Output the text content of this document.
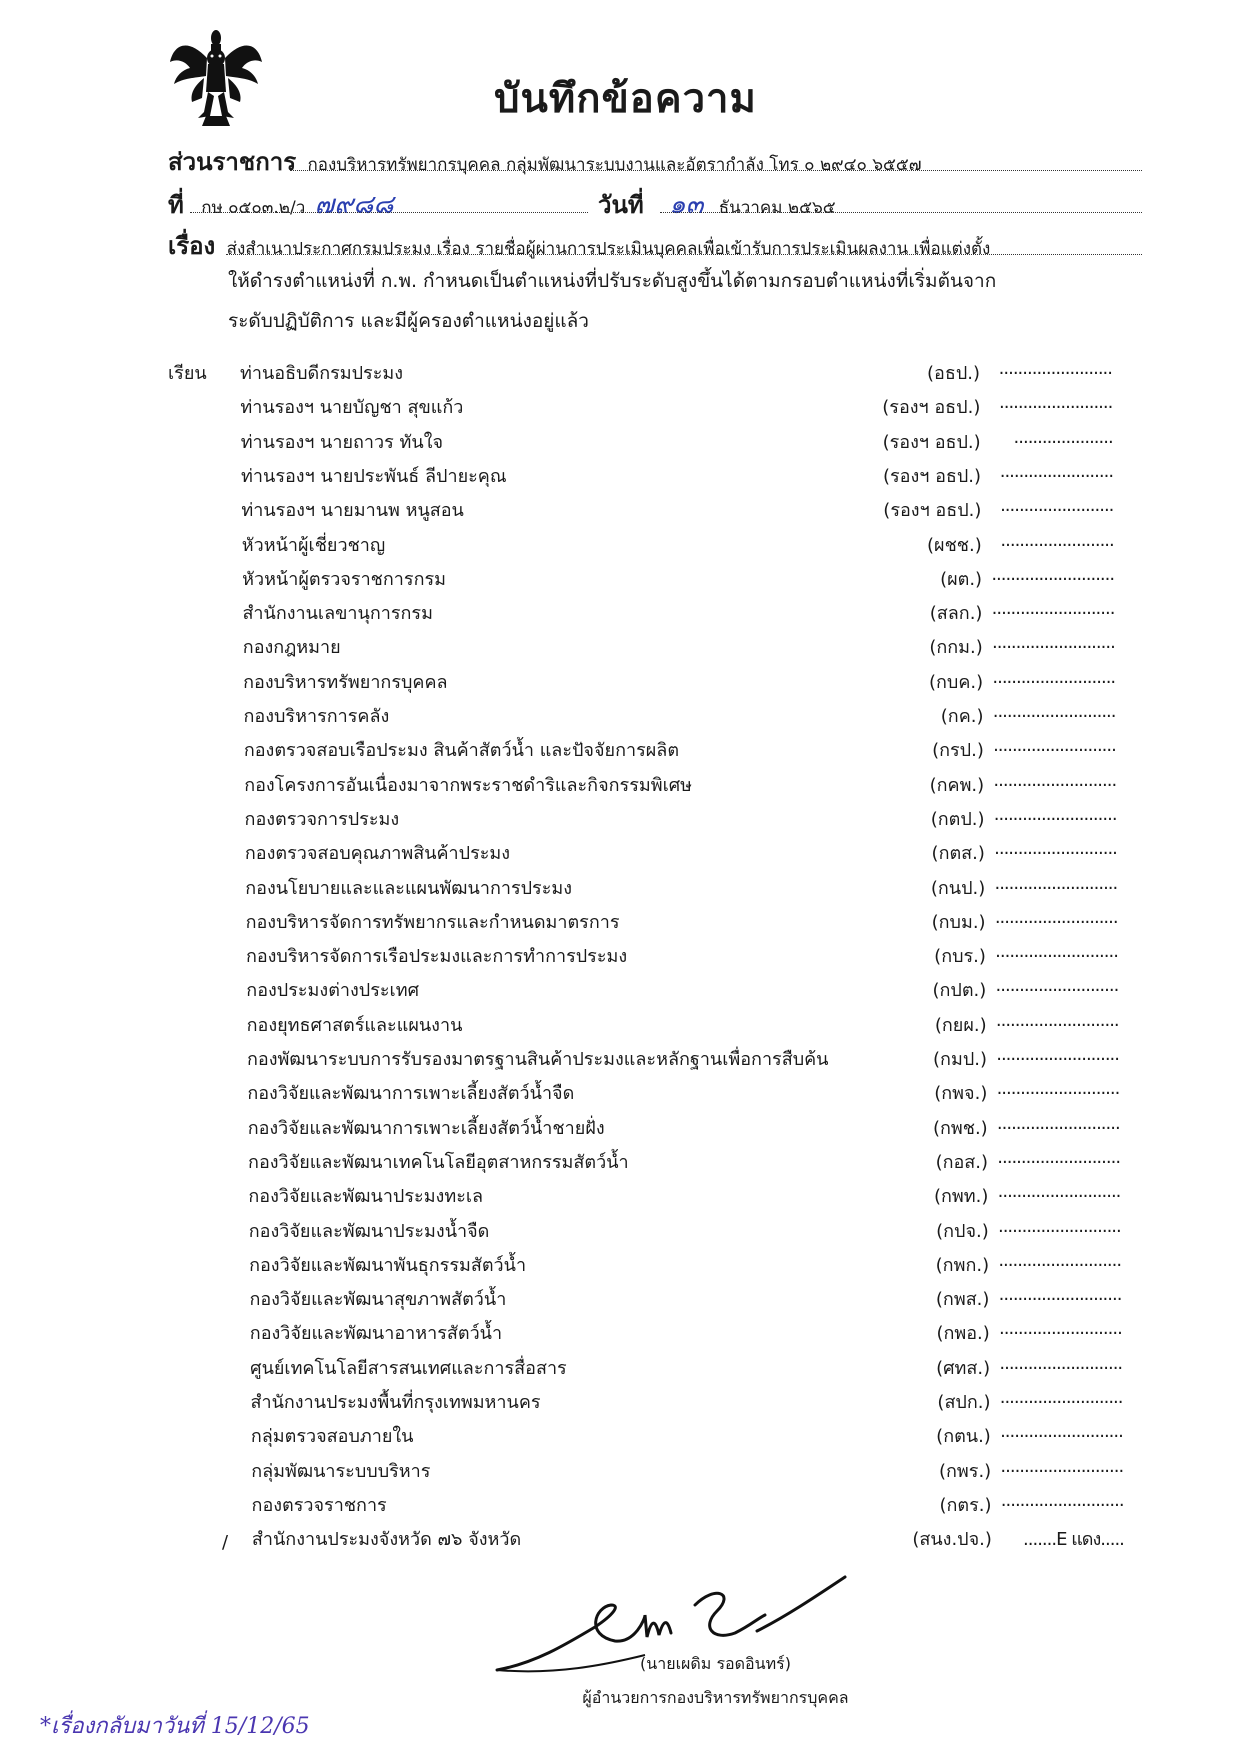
บันทึกข้อความ
ส่วนราชการ กองบริหารทรัพยากรบุคคล กลุ่มพัฒนาระบบงานและอัตรากำลัง โทร ๐ ๒๙๔๐ ๖๕๕๗
ที่ กษ ๐๕๐๓.๒/ว ๗๙๘๘	วันที่ ๑๓ ธันวาคม ๒๕๖๕
เรื่อง ส่งสำเนาประกาศกรมประมง เรื่อง รายชื่อผู้ผ่านการประเมินบุคคลเพื่อเข้ารับการประเมินผลงาน เพื่อแต่งตั้ง
ให้ดำรงตำแหน่งที่ ก.พ. กำหนดเป็นตำแหน่งที่ปรับระดับสูงขึ้นได้ตามกรอบตำแหน่งที่เริ่มต้นจาก
ระดับปฏิบัติการ และมีผู้ครองตำแหน่งอยู่แล้ว
เรียน ท่านอธิบดีกรมประมง	(อธป.) ........................
ท่านรองฯ นายบัญชา สุขแก้ว	(รองฯ อธป.) ........................
ท่านรองฯ นายถาวร ทันใจ	(รองฯ อธป.) .....................
ท่านรองฯ นายประพันธ์ ลีปายะคุณ	(รองฯ อธป.) ........................
ท่านรองฯ นายมานพ หนูสอน	(รองฯ อธป.) ........................
หัวหน้าผู้เชี่ยวชาญ	(ผชช.) ........................
หัวหน้าผู้ตรวจราชการกรม	(ผต.) ..........................
สำนักงานเลขานุการกรม	(สลก.) ..........................
กองกฎหมาย	(กกม.) ..........................
กองบริหารทรัพยากรบุคคล	(กบค.) ..........................
กองบริหารการคลัง	(กค.) ..........................
กองตรวจสอบเรือประมง สินค้าสัตว์น้ำ และปัจจัยการผลิต	(กรป.) ..........................
กองโครงการอันเนื่องมาจากพระราชดำริและกิจกรรมพิเศษ	(กคพ.) ..........................
กองตรวจการประมง	(กตป.) ..........................
กองตรวจสอบคุณภาพสินค้าประมง	(กตส.) ..........................
กองนโยบายและและแผนพัฒนาการประมง	(กนป.) ..........................
กองบริหารจัดการทรัพยากรและกำหนดมาตรการ	(กบม.) ..........................
กองบริหารจัดการเรือประมงและการทำการประมง	(กบร.) ..........................
กองประมงต่างประเทศ	(กปต.) ..........................
กองยุทธศาสตร์และแผนงาน	(กยผ.) ..........................
กองพัฒนาระบบการรับรองมาตรฐานสินค้าประมงและหลักฐานเพื่อการสืบค้น	(กมป.) ..........................
กองวิจัยและพัฒนาการเพาะเลี้ยงสัตว์น้ำจืด	(กพจ.) ..........................
กองวิจัยและพัฒนาการเพาะเลี้ยงสัตว์น้ำชายฝั่ง	(กพช.) ..........................
กองวิจัยและพัฒนาเทคโนโลยีอุตสาหกรรมสัตว์น้ำ	(กอส.) ..........................
กองวิจัยและพัฒนาประมงทะเล	(กพท.) ..........................
กองวิจัยและพัฒนาประมงน้ำจืด	(กปจ.) ..........................
กองวิจัยและพัฒนาพันธุกรรมสัตว์น้ำ	(กพก.) ..........................
กองวิจัยและพัฒนาสุขภาพสัตว์น้ำ	(กพส.) ..........................
กองวิจัยและพัฒนาอาหารสัตว์น้ำ	(กพอ.) ..........................
ศูนย์เทคโนโลยีสารสนเทศและการสื่อสาร	(ศทส.) ..........................
สำนักงานประมงพื้นที่กรุงเทพมหานคร	(สปก.) ..........................
กลุ่มตรวจสอบภายใน	(กตน.) ..........................
กลุ่มพัฒนาระบบบริหาร	(กพร.) ..........................
กองตรวจราชการ	(กตร.) ..........................
สำนักงานประมงจังหวัด ๗๖ จังหวัด	(สนง.ปจ.) .......E แดง.....
/
(นายเผดิม รอดอินทร์)
ผู้อำนวยการกองบริหารทรัพยากรบุคคล
*เรื่องกลับมาวันที่ 15/12/65
